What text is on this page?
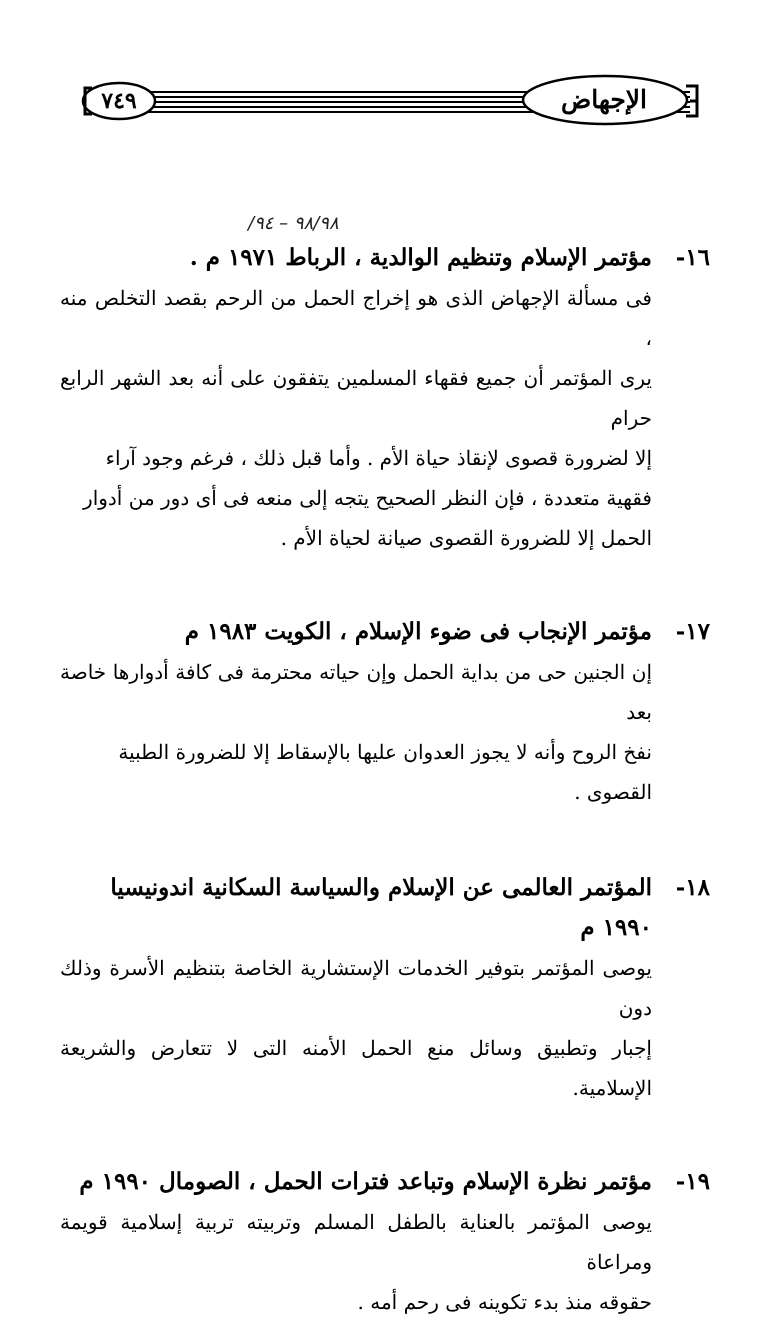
٧٤٩	الإجهاض
/٩٨/٩٨ – ٩٤
١٦-
مؤتمر الإسلام وتنظيم الوالدية ، الرباط ١٩٧١ م .

فى مسألة الإجهاض الذى هو إخراج الحمل من الرحم بقصد التخلص منه ،

يرى المؤتمر أن جميع فقهاء المسلمين يتفقون على أنه بعد الشهر الرابع حرام

إلا لضرورة قصوى لإنقاذ حياة الأم . وأما قبل ذلك ، فرغم وجود آراء

فقهية متعددة ، فإن النظر الصحيح يتجه إلى منعه فى أى دور من أدوار

الحمل إلا للضرورة القصوى صيانة لحياة الأم .

١٧-
مؤتمر الإنجاب فى ضوء الإسلام ، الكويت ١٩٨٣ م

إن الجنين حى من بداية الحمل وإن حياته محترمة فى كافة أدوارها خاصة بعد

نفخ الروح وأنه لا يجوز العدوان عليها بالإسقاط إلا للضرورة الطبية

القصوى .

١٨-
المؤتمر العالمى عن الإسلام والسياسة السكانية اندونيسيا ١٩٩٠ م

يوصى المؤتمر بتوفير الخدمات الإستشارية الخاصة بتنظيم الأسرة وذلك دون

إجبار وتطبيق وسائل منع الحمل الأمنه التى لا تتعارض والشريعة الإسلامية.

١٩-
مؤتمر نظرة الإسلام وتباعد فترات الحمل ، الصومال ١٩٩٠ م

يوصى المؤتمر بالعناية بالطفل المسلم وتربيته تربية إسلامية قويمة ومراعاة

حقوقه منذ بدء تكوينه فى رحم أمه .
